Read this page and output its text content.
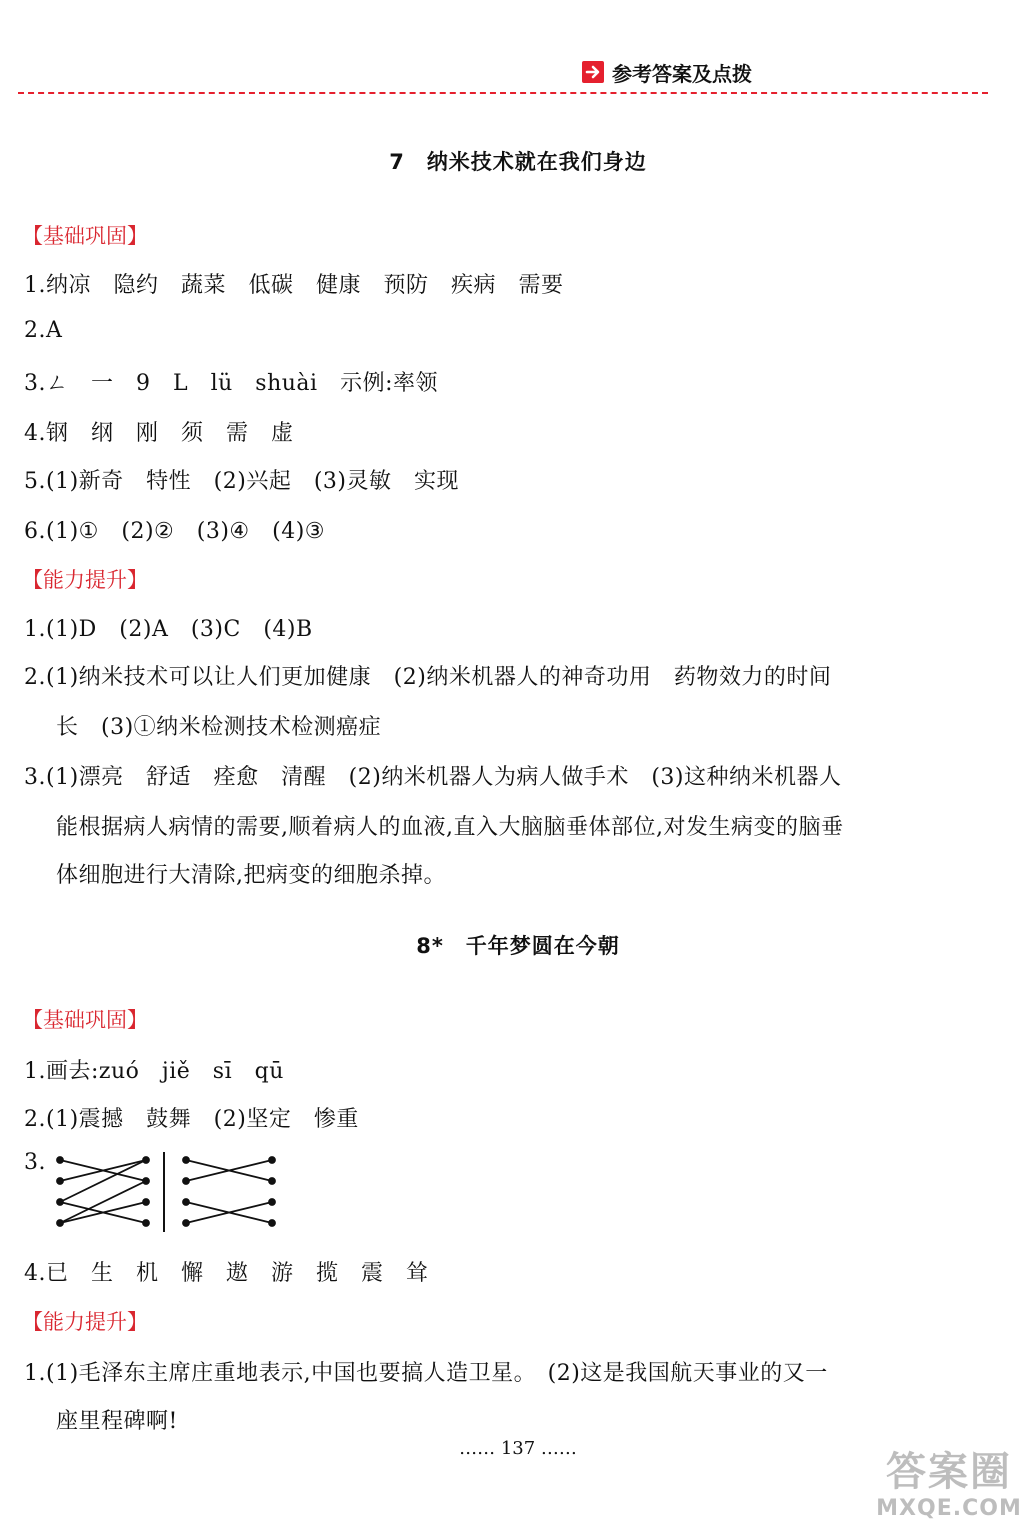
参考答案及点拨
7 纳米技术就在我们身边
【基础巩固】
1.纳凉　隐约　蔬菜　低碳　健康　预防　疾病　需要
2.A
3.ㄥ　一　9　L　lü　shuài　示例:率领
4.钢　纲　刚　须　需　虚
5.(1)新奇　特性　(2)兴起　(3)灵敏　实现
6.(1)①　(2)②　(3)④　(4)③
【能力提升】
1.(1)D　(2)A　(3)C　(4)B
2.(1)纳米技术可以让人们更加健康　(2)纳米机器人的神奇功用　药物效力的时间
长　(3)①纳米检测技术检测癌症
3.(1)漂亮　舒适　痊愈　清醒　(2)纳米机器人为病人做手术　(3)这种纳米机器人
能根据病人病情的需要,顺着病人的血液,直入大脑脑垂体部位,对发生病变的脑垂
体细胞进行大清除,把病变的细胞杀掉。
8* 千年梦圆在今朝
【基础巩固】
1.画去:zuó　jiě　sī　qū
2.(1)震撼　鼓舞　(2)坚定　惨重
3.
4.已　生　机　懈　遨　游　揽　震　耸
【能力提升】
1.(1)毛泽东主席庄重地表示,中国也要搞人造卫星。　(2)这是我国航天事业的又一
座里程碑啊!
…… 137 ……
答案圈
MXQE.COM
